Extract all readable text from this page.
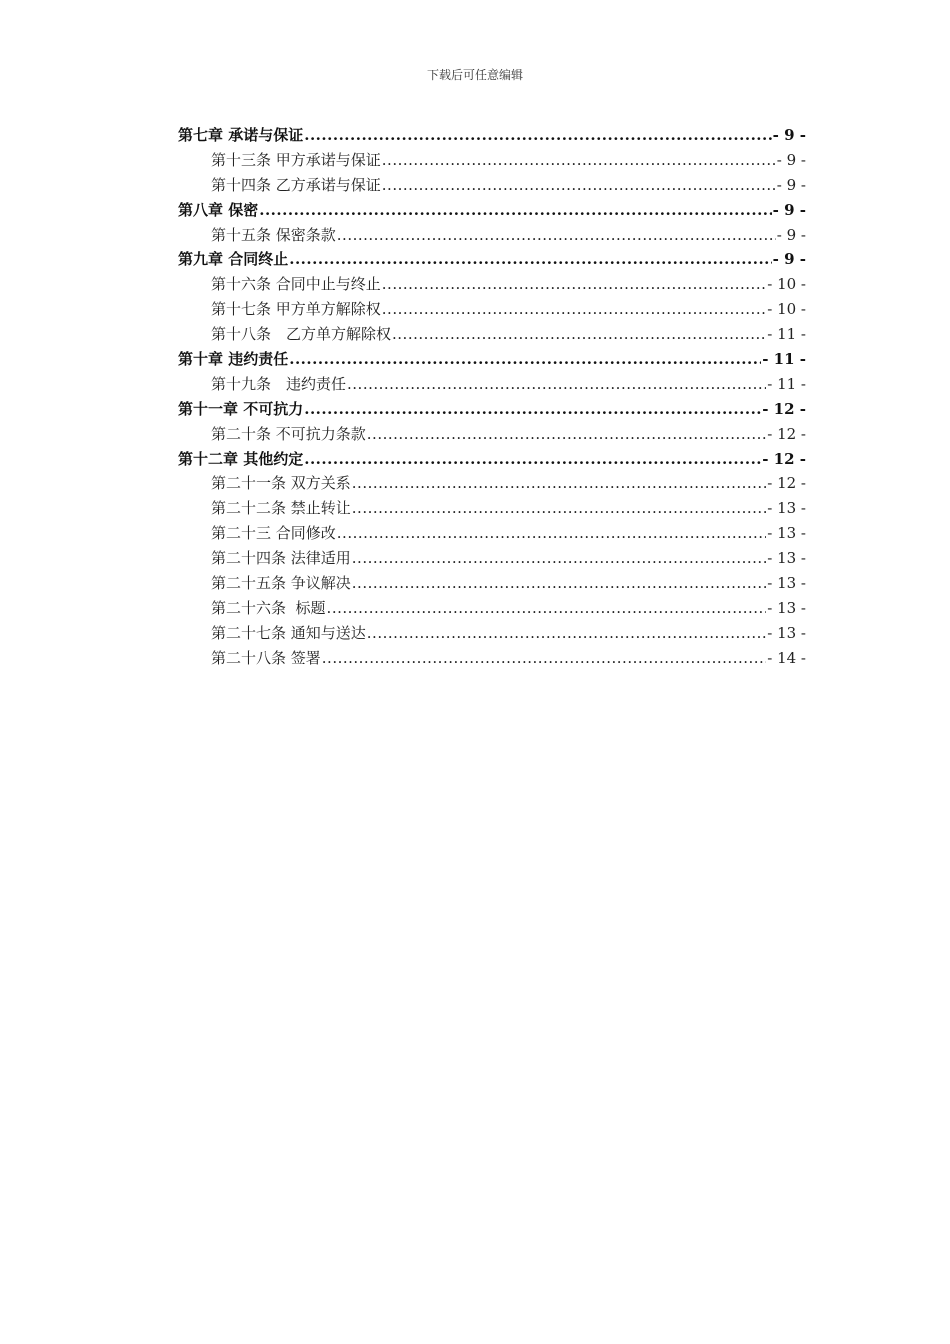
下载后可任意编辑
第七章 承诺与保证 .....	- 9 -
第十三条 甲方承诺与保证 .....	- 9 -
第十四条 乙方承诺与保证 .....	- 9 -
第八章 保密 .....	- 9 -
第十五条 保密条款 .....	- 9 -
第九章 合同终止 .....	- 9 -
第十六条 合同中止与终止 .....	- 10 -
第十七条 甲方单方解除权 .....	- 10 -
第十八条　乙方单方解除权 .....	- 11 -
第十章 违约责任 .....	- 11 -
第十九条　违约责任 .....	- 11 -
第十一章 不可抗力 .....	- 12 -
第二十条 不可抗力条款 .....	- 12 -
第十二章 其他约定 .....	- 12 -
第二十一条 双方关系 .....	- 12 -
第二十二条 禁止转让 .....	- 13 -
第二十三 合同修改 .....	- 13 -
第二十四条 法律适用 .....	- 13 -
第二十五条 争议解决 .....	- 13 -
第二十六条  标题 .....	- 13 -
第二十七条 通知与送达 .....	- 13 -
第二十八条 签署 .....	- 14 -
